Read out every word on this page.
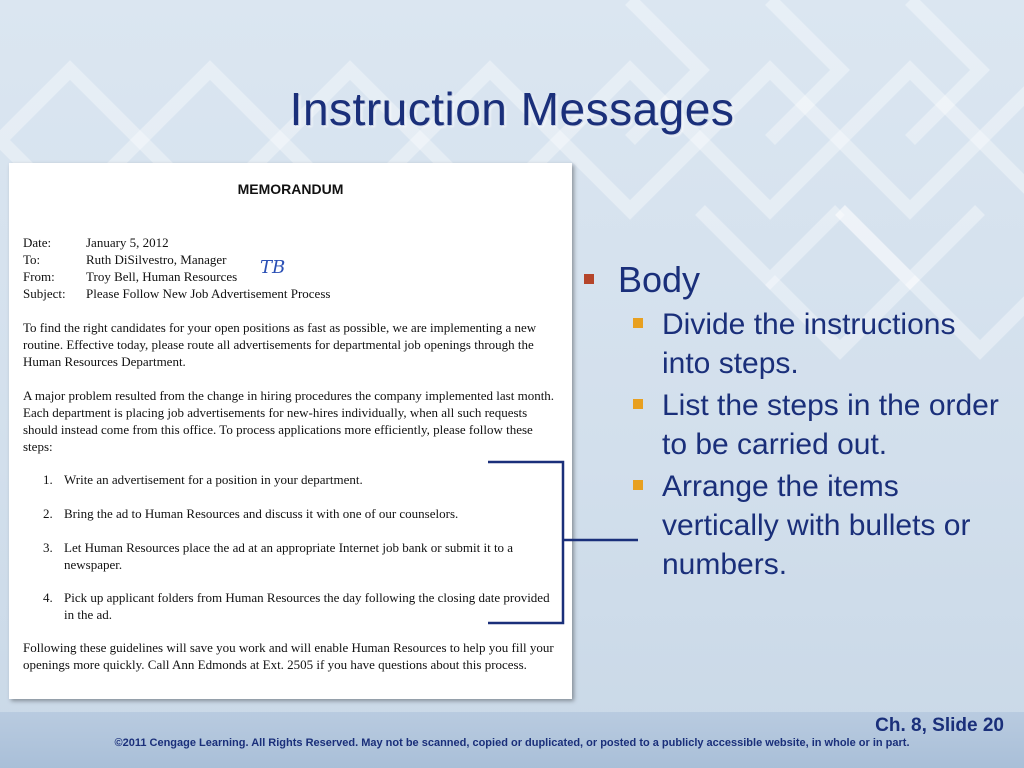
Instruction Messages
MEMORANDUM
Date:	January 5, 2012
To:	Ruth DiSilvestro, Manager
From:	Troy Bell, Human Resources
Subject:	Please Follow New Job Advertisement Process
TB
To find the right candidates for your open positions as fast as possible, we are implementing a new routine. Effective today, please route all advertisements for departmental job openings through the Human Resources Department.
A major problem resulted from the change in hiring procedures the company implemented last month. Each department is placing job advertisements for new-hires individually, when all such requests should instead come from this office. To process applications more efficiently, please follow these steps:
1. Write an advertisement for a position in your department.
2. Bring the ad to Human Resources and discuss it with one of our counselors.
3. Let Human Resources place the ad at an appropriate Internet job bank or submit it to a newspaper.
4. Pick up applicant folders from Human Resources the day following the closing date provided in the ad.
Following these guidelines will save you work and will enable Human Resources to help you fill your openings more quickly. Call Ann Edmonds at Ext. 2505 if you have questions about this process.
Body
Divide the instructions into steps.
List the steps in the order to be carried out.
Arrange the items vertically with bullets or numbers.
Ch. 8, Slide 20
©2011 Cengage Learning. All Rights Reserved. May not be scanned, copied or duplicated, or posted to a publicly accessible website, in whole or in part.
